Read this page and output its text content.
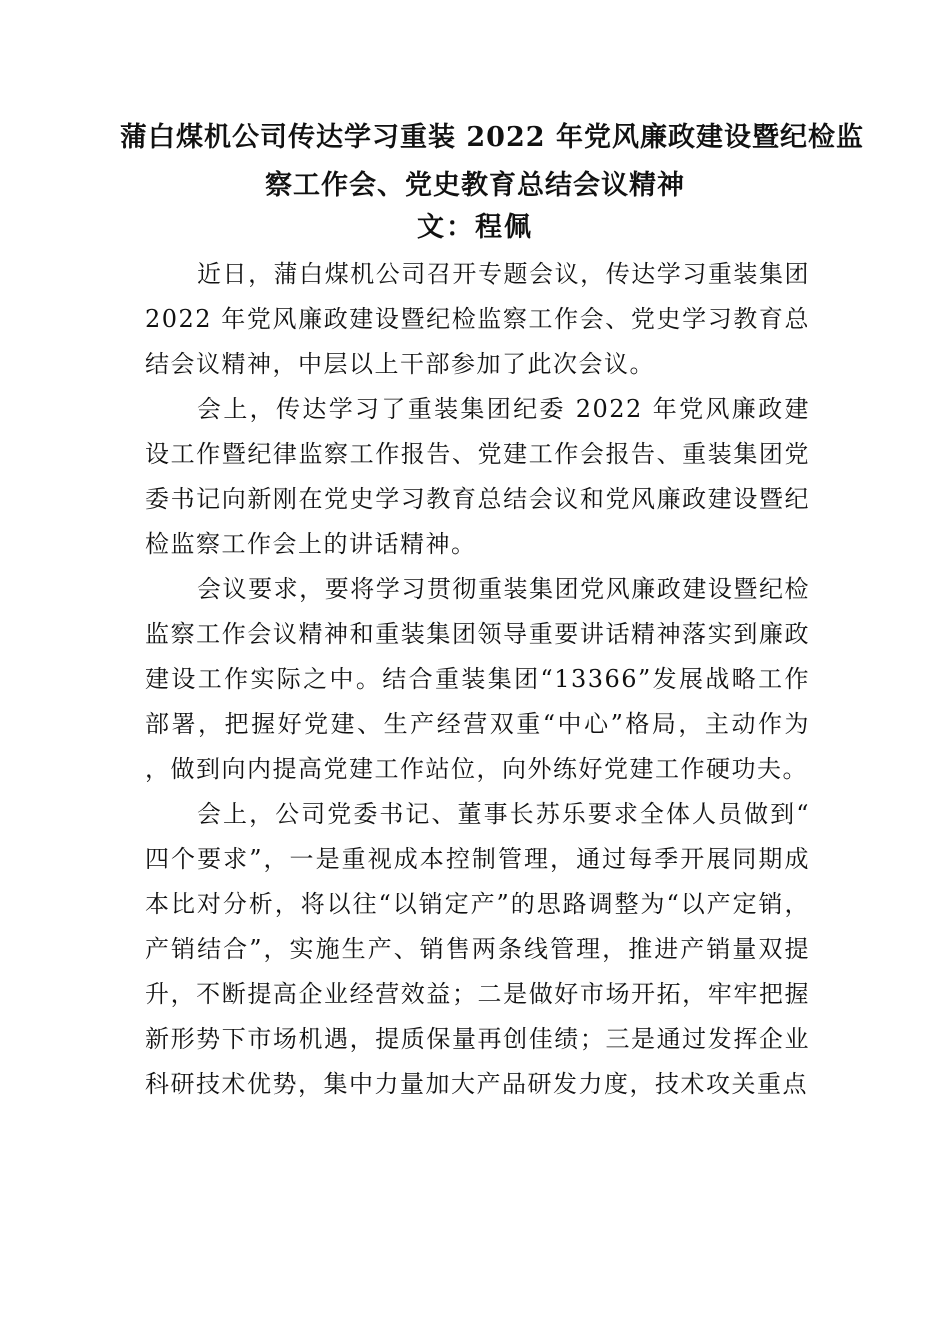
蒲白煤机公司传达学习重装 2022 年党风廉政建设暨纪检监
察工作会、党史教育总结会议精神
文：程佩

近日，蒲白煤机公司召开专题会议，传达学习重装集团2022 年党风廉政建设暨纪检监察工作会、党史学习教育总结会议精神，中层以上干部参加了此次会议。

会上，传达学习了重装集团纪委 2022 年党风廉政建设工作暨纪律监察工作报告、党建工作会报告、重装集团党委书记向新刚在党史学习教育总结会议和党风廉政建设暨纪检监察工作会上的讲话精神。

会议要求，要将学习贯彻重装集团党风廉政建设暨纪检监察工作会议精神和重装集团领导重要讲话精神落实到廉政建设工作实际之中。结合重装集团“13366”发展战略工作部署，把握好党建、生产经营双重“中心”格局，主动作为，做到向内提高党建工作站位，向外练好党建工作硬功夫。

会上，公司党委书记、董事长苏乐要求全体人员做到“四个要求”，一是重视成本控制管理，通过每季开展同期成本比对分析，将以往“以销定产”的思路调整为“以产定销，产销结合”，实施生产、销售两条线管理，推进产销量双提升，不断提高企业经营效益；二是做好市场开拓，牢牢把握新形势下市场机遇，提质保量再创佳绩；三是通过发挥企业科研技术优势，集中力量加大产品研发力度，技术攻关重点
